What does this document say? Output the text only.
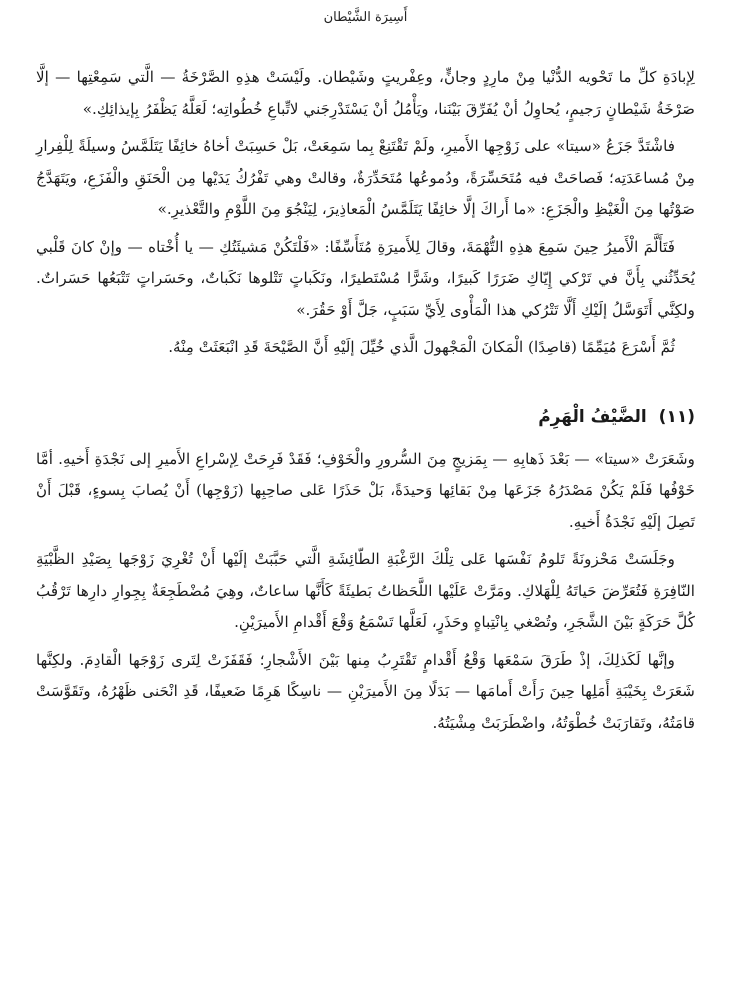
أَسِيرَة الشَّيْطان

لِإبادَةِ كلِّ ما تَحْويه الدُّنْيا مِنْ مارِدٍ وجانٍّ، وعِفْريتٍ وشَيْطان. ولَيْسَتْ هذِهِ الصَّرْخَةُ — الَّتي سَمِعْتِها — إلَّا صَرْخَةُ شَيْطانٍ رَجيمٍ، يُحاوِلُ أنْ يُفَرِّقَ بَيْنَنا، ويَأْمُلُ أنْ يَسْتَدْرِجَني لاتِّباعِ خُطُواتِه؛ لَعَلَّهُ يَظْفَرُ بِإيذائِكِ.»

فاشْتَدَّ جَزَعُ «سيتا» على زَوْجِها الأَميرِ، ولَمْ تَقْتَنِعْ بِما سَمِعَتْ، بَلْ حَسِبَتْ أخاهُ خائِفًا يَتَلَمَّسُ وسيلَةً لِلْفِرارِ مِنْ مُساعَدَتِه؛ فَصاحَتْ فيه مُتَحَسِّرَةً، ودُموعُها مُتَحَدِّرَةٌ، وقالتْ وهي تَفْرُكُ يَدَيْها مِن الْحَنَقِ والْفَزَعِ، ويَتَهَدَّجُ صَوْتُها مِنَ الْغَيْظِ والْجَزَعِ: «ما أَراكَ إلَّا خائِفًا يَتَلَمَّسُ الْمَعاذِيرَ، لِيَنْجُوَ مِنَ اللَّوْمِ والتَّعْذيرِ.»

فَتَأَلَّمَ الْأَميرُ حِينَ سَمِعَ هذِهِ التُّهْمَةَ، وقالَ لِلأَميرَةِ مُتَأَسِّفًا: «فَلْتَكُنْ مَشيئَتُكِ — يا أُخْتاه — وإنْ كانَ قَلْبي يُحَدِّثُني بِأَنَّ في تَرْكي إِيّاكِ ضَرَرًا كَبيرًا، وشَرًّا مُسْتَطيرًا، ونَكَباتٍ تَتْلوها نَكَباتٌ، وحَسَراتٍ تَتْبَعُها حَسَراتٌ. ولكِنَّي أَتَوَسَّلُ إلَيْكِ أَلَّا تَتْرُكي هذا الْمَأْوى لِأَيِّ سَبَبٍ، جَلَّ أَوْ حَقُرَ.»

ثُمَّ أَسْرَعَ مُيَمِّمًا (قاصِدًا) الْمَكانَ الْمَجْهولَ الَّذي خُيِّلَ إلَيْهِ أَنَّ الصَّيْحَةَ قَدِ انْبَعَثَتْ مِنْهُ.

(١١) الضَّيْفُ الْهَرِمُ

وشَعَرَتْ «سيتا» — بَعْدَ ذَهابِهِ — بِمَزيجٍ مِنَ السُّرورِ والْخَوْفِ؛ فَقَدْ فَرِحَتْ لِإسْراعِ الأَميرِ إلى نَجْدَةِ أَخيهِ. أمَّا خَوْفُها فَلَمْ يَكُنْ مَصْدَرُهُ جَزَعَها مِنْ بَقائِها وَحيدَةً، بَلْ حَذَرًا عَلى صاحِبِها (زَوْجِها) أَنْ يُصابَ بِسوءٍ، قَبْلَ أَنْ تَصِلَ إلَيْهِ نَجْدَةُ أَخيهِ.

وجَلَسَتْ مَحْزونَةً تَلومُ نَفْسَها عَلى تِلْكَ الرَّغْبَةِ الطّائِشَةِ الَّتي حَبَّبَتْ إلَيْها أَنْ تُغْرِيَ زَوْجَها بِصَيْدِ الظَّبْيَةِ النّافِرَةِ فَتُعَرِّضَ حَياتَهُ لِلْهَلاكِ. ومَرَّتْ عَلَيْها اللَّحَظاتُ بَطيئَةً كَأَنَّها ساعاتٌ، وهِيَ مُضْطَجِعَةٌ بِجِوارِ دارِها تَرْقُبُ كُلَّ حَرَكَةٍ بَيْنَ الشَّجَرِ، وتُصْغي بِانْتِباهٍ وحَذَرٍ، لَعَلَّها تَسْمَعُ وَقْعَ أَقْدامِ الأَميرَيْنِ.

وإنَّها لَكَذلِكَ، إذْ طَرَقَ سَمْعَها وَقْعُ أَقْدامٍ تَقْتَرِبُ مِنها بَيْنَ الأَشْجارِ؛ فَقَفَزَتْ لِتَرى زَوْجَها الْقادِمَ. ولكِنَّها شَعَرَتْ بِخَيْبَةِ أَمَلِها حِينَ رَأَتْ أَمامَها — بَدَلًا مِنَ الأَميرَيْنِ — ناسِكًا هَرِمًا ضَعيفًا، قَدِ انْحَنى ظَهْرُهُ، وتَقَوَّسَتْ قامَتُهُ، وتَقارَبَتْ خُطْوَتُهُ، واضْطَرَبَتْ مِشْيَتُهُ.
